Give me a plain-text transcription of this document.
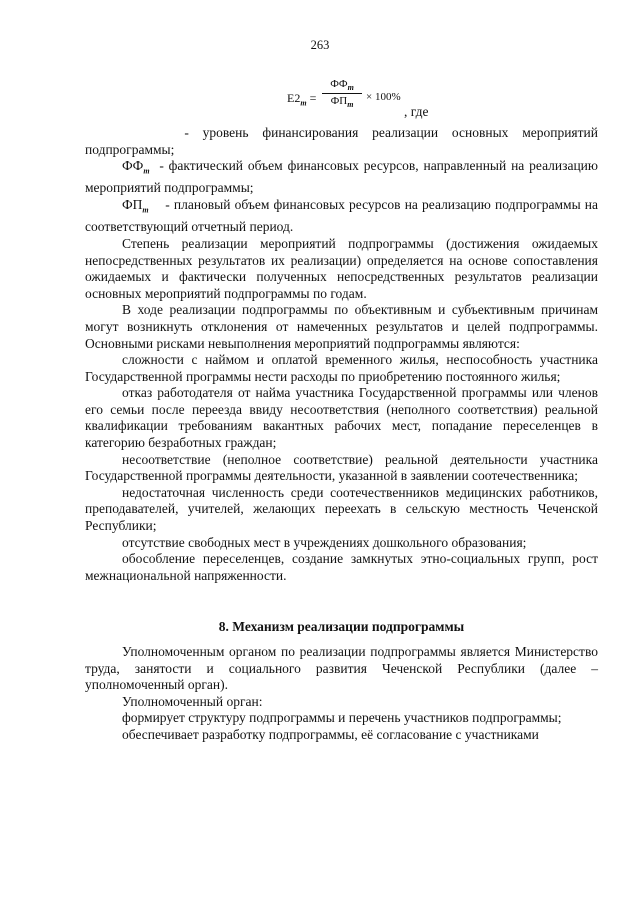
263
$Е2_т$ =
$ФФ_т$
$ФП_т$
× 100%
, где

- уровень финансирования реализации основных мероприятий подпрограммы;

$ФФ_т$ - фактический объем финансовых ресурсов, направленный на реализацию мероприятий подпрограммы;

$ФП_т$ - плановый объем финансовых ресурсов на реализацию подпрограммы на соответствующий отчетный период.

Степень реализации мероприятий подпрограммы (достижения ожидаемых непосредственных результатов их реализации) определяется на основе сопоставления ожидаемых и фактически полученных непосредственных результатов реализации основных мероприятий подпрограммы по годам.

В ходе реализации подпрограммы по объективным и субъективным причинам могут возникнуть отклонения от намеченных результатов и целей подпрограммы. Основными рисками невыполнения мероприятий подпрограммы являются:

сложности с наймом и оплатой временного жилья, неспособность участника Государственной программы нести расходы по приобретению постоянного жилья;

отказ работодателя от найма участника Государственной программы или членов его семьи после переезда ввиду несоответствия (неполного соответствия) реальной квалификации требованиям вакантных рабочих мест, попадание переселенцев в категорию безработных граждан;

несоответствие (неполное соответствие) реальной деятельности участника Государственной программы деятельности, указанной в заявлении соотечественника;

недостаточная численность среди соотечественников медицинских работников, преподавателей, учителей, желающих переехать в сельскую местность Чеченской Республики;

отсутствие свободных мест в учреждениях дошкольного образования;

обособление переселенцев, создание замкнутых этно-социальных групп, рост межнациональной напряженности.

8. Механизм реализации подпрограммы

Уполномоченным органом по реализации подпрограммы является Министерство труда, занятости и социального развития Чеченской Республики (далее – уполномоченный орган).

Уполномоченный орган:

формирует структуру подпрограммы и перечень участников подпрограммы;

обеспечивает разработку подпрограммы, её согласование с участниками
